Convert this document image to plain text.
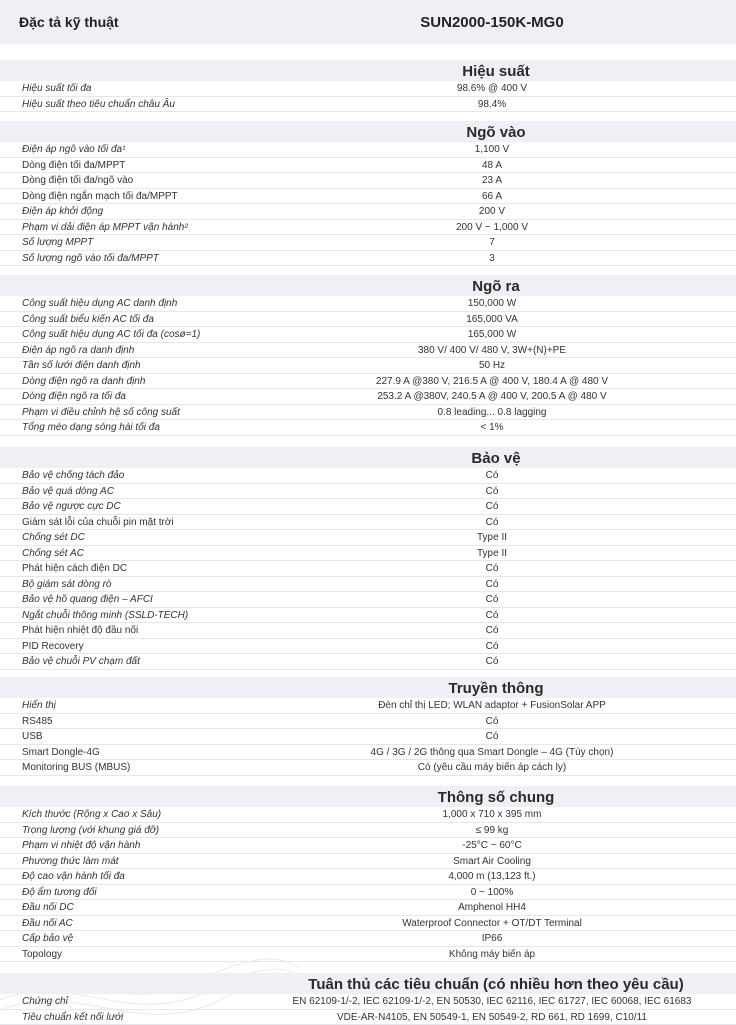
Đặc tả kỹ thuật	SUN2000-150K-MG0
Hiệu suất
Hiệu suất tối đa	98.6% @ 400 V
Hiệu suất theo tiêu chuẩn châu Âu	98.4%
Ngõ vào
Điện áp ngõ vào tối đa¹	1,100 V
Dòng điện tối đa/MPPT	48 A
Dòng điện tối đa/ngõ vào	23 A
Dòng điện ngắn mạch tối đa/MPPT	66 A
Điện áp khởi động	200 V
Phạm vi dải điện áp MPPT vận hành²	200 V ~ 1,000 V
Số lượng MPPT	7
Số lượng ngõ vào tối đa/MPPT	3
Ngõ ra
Công suất hiệu dụng AC danh định	150,000 W
Công suất biểu kiến AC tối đa	165,000 VA
Công suất hiệu dụng AC tối đa (cosø=1)	165,000 W
Điện áp ngõ ra danh định	380 V/ 400 V/ 480 V, 3W+(N)+PE
Tần số lưới điện danh định	50 Hz
Dòng điện ngõ ra danh định	227.9 A @380 V, 216.5 A @ 400 V, 180.4 A @ 480 V
Dòng điện ngõ ra tối đa	253.2 A @380V, 240.5 A @ 400 V, 200.5 A @ 480 V
Phạm vi điều chỉnh hệ số công suất	0.8 leading... 0.8 lagging
Tổng méo dạng sóng hài tối đa	< 1%
Bảo vệ
Bảo vệ chống tách đảo	Có
Bảo vệ quá dòng AC	Có
Bảo vệ ngược cực DC	Có
Giám sát lỗi của chuỗi pin mặt trời	Có
Chống sét DC	Type II
Chống sét AC	Type II
Phát hiện cách điện DC	Có
Bộ giám sát dòng rò	Có
Bảo vệ hồ quang điện – AFCI	Có
Ngắt chuỗi thông minh (SSLD-TECH)	Có
Phát hiện nhiệt độ đầu nối	Có
PID Recovery	Có
Bảo vệ chuỗi PV chạm đất	Có
Truyền thông
Hiển thị	Đèn chỉ thị LED; WLAN adaptor + FusionSolar APP
RS485	Có
USB	Có
Smart Dongle-4G	4G / 3G / 2G thông qua Smart Dongle – 4G (Tùy chọn)
Monitoring BUS (MBUS)	Có (yêu cầu máy biến áp cách ly)
Thông số chung
Kích thước (Rộng x Cao x Sâu)	1,000 x 710 x 395 mm
Trọng lượng (với khung giá đỡ)	≤ 99 kg
Phạm vi nhiệt độ vận hành	-25°C ~ 60°C
Phương thức làm mát	Smart Air Cooling
Độ cao vận hành tối đa	4,000 m (13,123 ft.)
Độ ẩm tương đối	0 ~ 100%
Đầu nối DC	Amphenol HH4
Đầu nối AC	Waterproof Connector + OT/DT Terminal
Cấp bảo vệ	IP66
Topology	Không máy biến áp
Tuân thủ các tiêu chuẩn (có nhiều hơn theo yêu cầu)
Chứng chỉ	EN 62109-1/-2, IEC 62109-1/-2, EN 50530, IEC 62116, IEC 61727, IEC 60068, IEC 61683
Tiêu chuẩn kết nối lưới	VDE-AR-N4105, EN 50549-1, EN 50549-2, RD 661, RD 1699, C10/11
